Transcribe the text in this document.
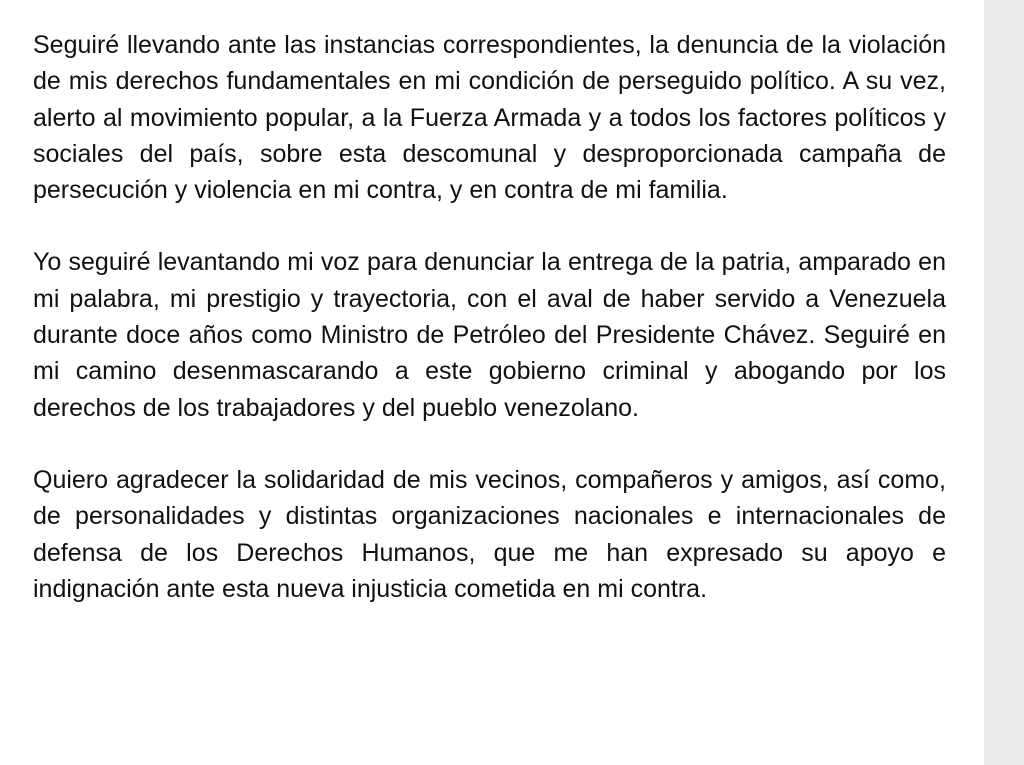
Seguiré llevando ante las instancias correspondientes, la denuncia de la violación de mis derechos fundamentales en mi condición de perseguido político. A su vez, alerto al movimiento popular, a la Fuerza Armada y a todos los factores políticos y sociales del país, sobre esta descomunal y desproporcionada campaña de persecución y violencia en mi contra, y en contra de mi familia.

Yo seguiré levantando mi voz para denunciar la entrega de la patria, amparado en mi palabra, mi prestigio y trayectoria, con el aval de haber servido a Venezuela durante doce años como Ministro de Petróleo del Presidente Chávez. Seguiré en mi camino desenmascarando a este gobierno criminal y abogando por los derechos de los trabajadores y del pueblo venezolano.

Quiero agradecer la solidaridad de mis vecinos, compañeros y amigos, así como, de personalidades y distintas organizaciones nacionales e internacionales de defensa de los Derechos Humanos, que me han expresado su apoyo e indignación ante esta nueva injusticia cometida en mi contra.
